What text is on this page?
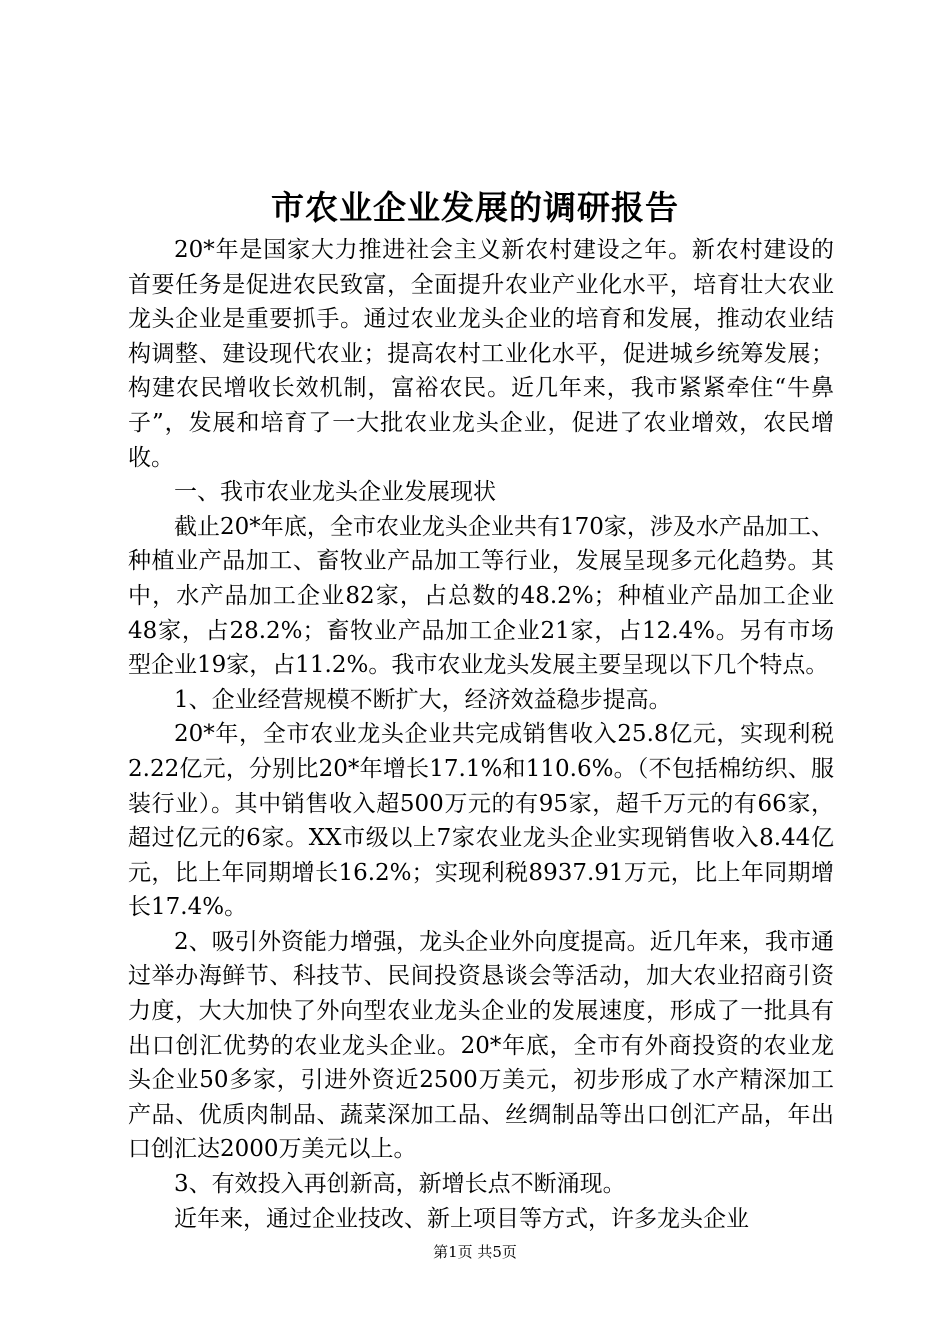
市农业企业发展的调研报告

20*年是国家大力推进社会主义新农村建设之年。新农村建设的首要任务是促进农民致富，全面提升农业产业化水平，培育壮大农业龙头企业是重要抓手。通过农业龙头企业的培育和发展，推动农业结构调整、建设现代农业；提高农村工业化水平，促进城乡统筹发展；构建农民增收长效机制，富裕农民。近几年来，我市紧紧牵住“牛鼻子”，发展和培育了一大批农业龙头企业，促进了农业增效，农民增收。

一、我市农业龙头企业发展现状

截止20*年底，全市农业龙头企业共有170家，涉及水产品加工、种植业产品加工、畜牧业产品加工等行业，发展呈现多元化趋势。其中，水产品加工企业82家，占总数的48.2%；种植业产品加工企业48家，占28.2%；畜牧业产品加工企业21家，占12.4%。另有市场型企业19家，占11.2%。我市农业龙头发展主要呈现以下几个特点。

1、企业经营规模不断扩大，经济效益稳步提高。

20*年，全市农业龙头企业共完成销售收入25.8亿元，实现利税2.22亿元，分别比20*年增长17.1%和110.6%。（不包括棉纺织、服装行业）。其中销售收入超500万元的有95家，超千万元的有66家，超过亿元的6家。XX市级以上7家农业龙头企业实现销售收入8.44亿元，比上年同期增长16.2%；实现利税8937.91万元，比上年同期增长17.4%。

2、吸引外资能力增强，龙头企业外向度提高。近几年来，我市通过举办海鲜节、科技节、民间投资恳谈会等活动，加大农业招商引资力度，大大加快了外向型农业龙头企业的发展速度，形成了一批具有出口创汇优势的农业龙头企业。20*年底，全市有外商投资的农业龙头企业50多家，引进外资近2500万美元，初步形成了水产精深加工产品、优质肉制品、蔬菜深加工品、丝绸制品等出口创汇产品，年出口创汇达2000万美元以上。

3、有效投入再创新高，新增长点不断涌现。

近年来，通过企业技改、新上项目等方式，许多龙头企业

第1页 共5页
